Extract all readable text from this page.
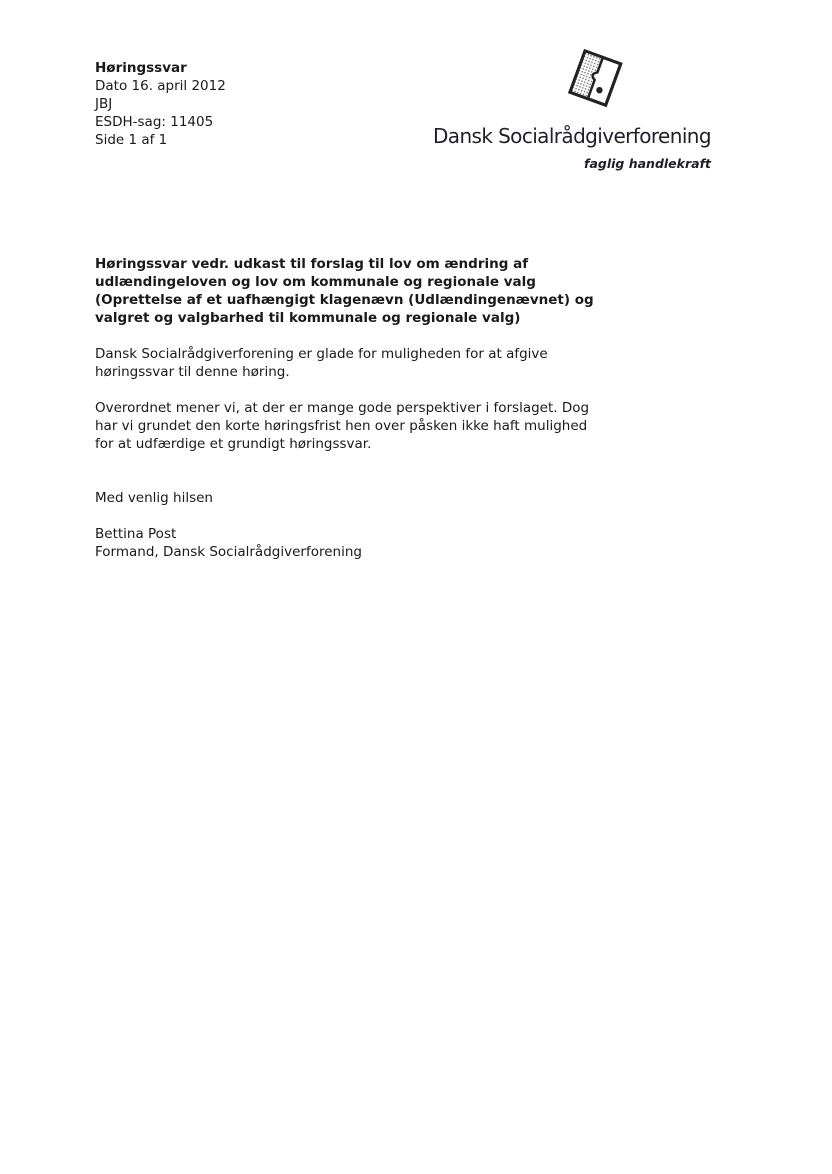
Høringssvar
Dato 16. april 2012
JBJ
ESDH-sag: 11405
Side 1 af 1	Dansk Socialrådgiverforening
faglig handlekraft
Høringssvar vedr. udkast til forslag til lov om ændring af
udlændingeloven og lov om kommunale og regionale valg
(Oprettelse af et uafhængigt klagenævn (Udlændingenævnet) og
valgret og valgbarhed til kommunale og regionale valg)
Dansk Socialrådgiverforening er glade for muligheden for at afgive
høringssvar til denne høring.
Overordnet mener vi, at der er mange gode perspektiver i forslaget. Dog
har vi grundet den korte høringsfrist hen over påsken ikke haft mulighed
for at udfærdige et grundigt høringssvar.
Med venlig hilsen
Bettina Post
Formand, Dansk Socialrådgiverforening
